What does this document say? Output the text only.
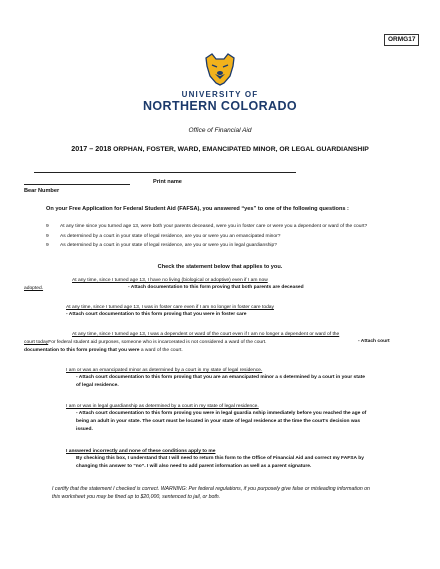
ORMG17
UNIVERSITY OF
NORTHERN COLORADO
Office of Financial Aid
2017 – 2018 ORPHAN, FOSTER, WARD, EMANCIPATED MINOR, OR LEGAL GUARDIANSHIP
Print name
Bear Number
On your Free Application for Federal Student Aid (FAFSA), you answered “yes” to one of the following questions :
9 At any time since you turned age 13, were both your parents deceased, were you in foster care or were you a dependent or ward of the court?
9 As determined by a court in your state of legal residence, are you or were you an emancipated minor?
9 As determined by a court in your state of legal residence, are you or were you in legal guardianship?
Check the statement below that applies to you.
At any time, since I turned age 13, I have no living (biological or adoptive) even if I am now
adopted.	- Attach documentation to this form proving that both parents are deceased
At any time, since I turned age 13, I was in foster care even if I am no longer in foster care today
- Attach court documentation to this form proving that you were in foster care
At any time, since I turned age 13, I was a dependent or ward of the court even if I am no longer a dependent or ward of the
court todayFor federal student aid purposes, someone who is incarcerated is not considered a ward of the court.	- Attach court
documentation to this form proving that you were a ward of the court.
I am or was an emancipated minor as determined by a court in my state of legal residence.
- Attach court documentation to this form proving that you are an emancipated minor a s determined by a court in your state
of legal residence.
I am or was in legal guardianship as determined by a court in my state of legal residence.
- Attach court documentation to this form proving you were in legal guardia nship immediately before you reached the age of
being an adult in your state. The court must be located in your state of legal residence at the time the court's decision was
issued.
I answered incorrectly and none of these conditions apply to me
By checking this box, I understand that I will need to return this form to the Office of Financial Aid and correct my FAFSA by
changing this answer to “no”. I will also need to add parent information as well as a parent signature.
I certify that the statement I checked is correct. WARNING: Per federal regulations, if you purposely give false or misleading information on
this worksheet you may be fined up to $20,000, sentenced to jail, or both.
